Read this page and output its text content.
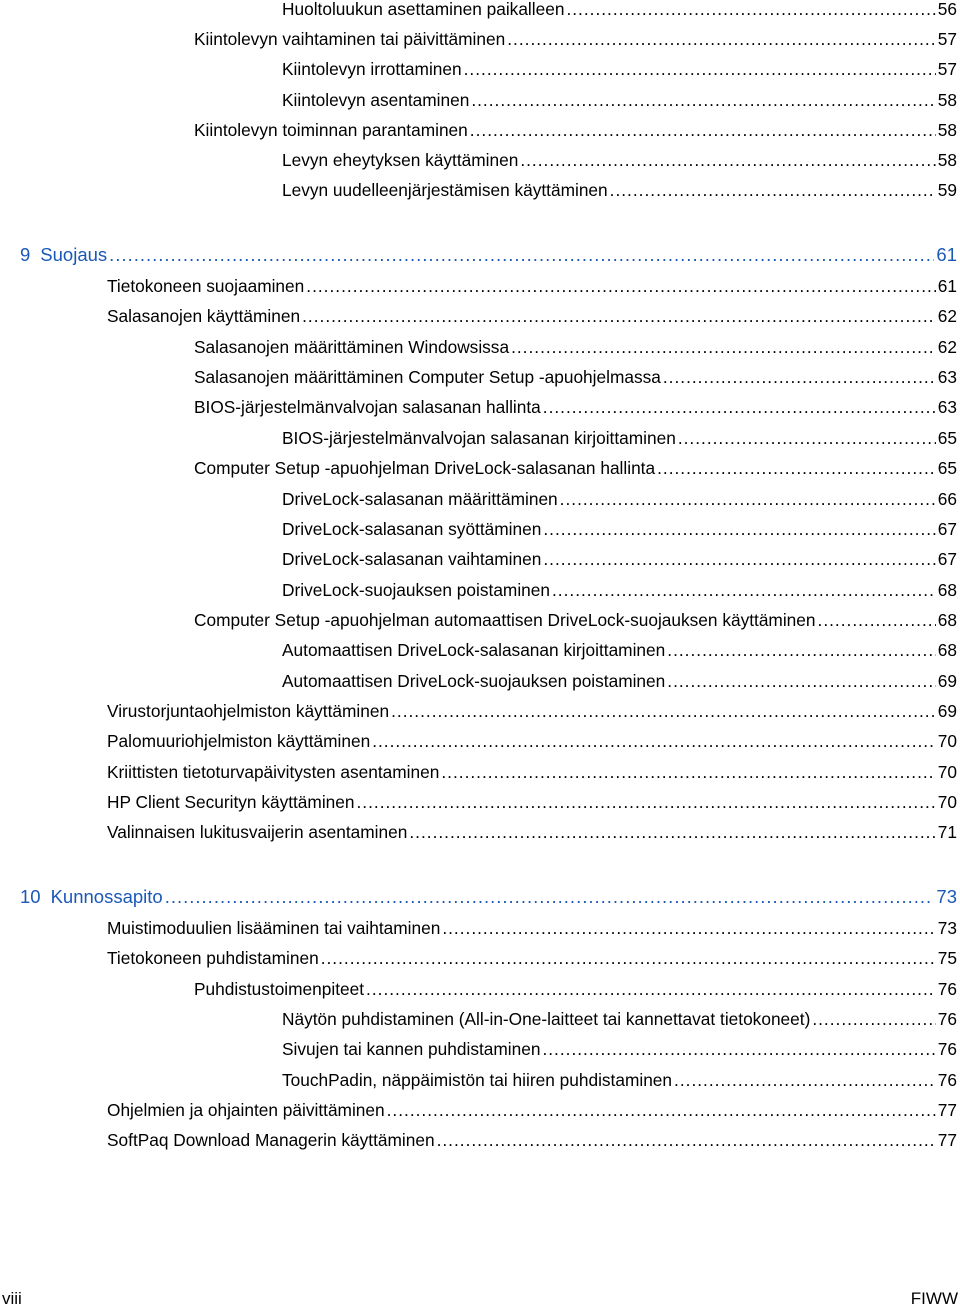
Huoltoluukun asettaminen paikalleen .....	56
Kiintolevyn vaihtaminen tai päivittäminen .....	57
Kiintolevyn irrottaminen .....	57
Kiintolevyn asentaminen .....	58
Kiintolevyn toiminnan parantaminen .....	58
Levyn eheytyksen käyttäminen .....	58
Levyn uudelleenjärjestämisen käyttäminen .....	59
9 Suojaus .....	61
Tietokoneen suojaaminen .....	61
Salasanojen käyttäminen .....	62
Salasanojen määrittäminen Windowsissa .....	62
Salasanojen määrittäminen Computer Setup -apuohjelmassa .....	63
BIOS-järjestelmänvalvojan salasanan hallinta .....	63
BIOS-järjestelmänvalvojan salasanan kirjoittaminen .....	65
Computer Setup -apuohjelman DriveLock-salasanan hallinta .....	65
DriveLock-salasanan määrittäminen .....	66
DriveLock-salasanan syöttäminen .....	67
DriveLock-salasanan vaihtaminen .....	67
DriveLock-suojauksen poistaminen .....	68
Computer Setup -apuohjelman automaattisen DriveLock-suojauksen käyttäminen .....	68
Automaattisen DriveLock-salasanan kirjoittaminen .....	68
Automaattisen DriveLock-suojauksen poistaminen .....	69
Virustorjuntaohjelmiston käyttäminen .....	69
Palomuuriohjelmiston käyttäminen .....	70
Kriittisten tietoturvapäivitysten asentaminen .....	70
HP Client Securityn käyttäminen .....	70
Valinnaisen lukitusvaijerin asentaminen .....	71
10 Kunnossapito .....	73
Muistimoduulien lisääminen tai vaihtaminen .....	73
Tietokoneen puhdistaminen .....	75
Puhdistustoimenpiteet .....	76
Näytön puhdistaminen (All-in-One-laitteet tai kannettavat tietokoneet) .....	76
Sivujen tai kannen puhdistaminen .....	76
TouchPadin, näppäimistön tai hiiren puhdistaminen .....	76
Ohjelmien ja ohjainten päivittäminen .....	77
SoftPaq Download Managerin käyttäminen .....	77
viii	FIWW
